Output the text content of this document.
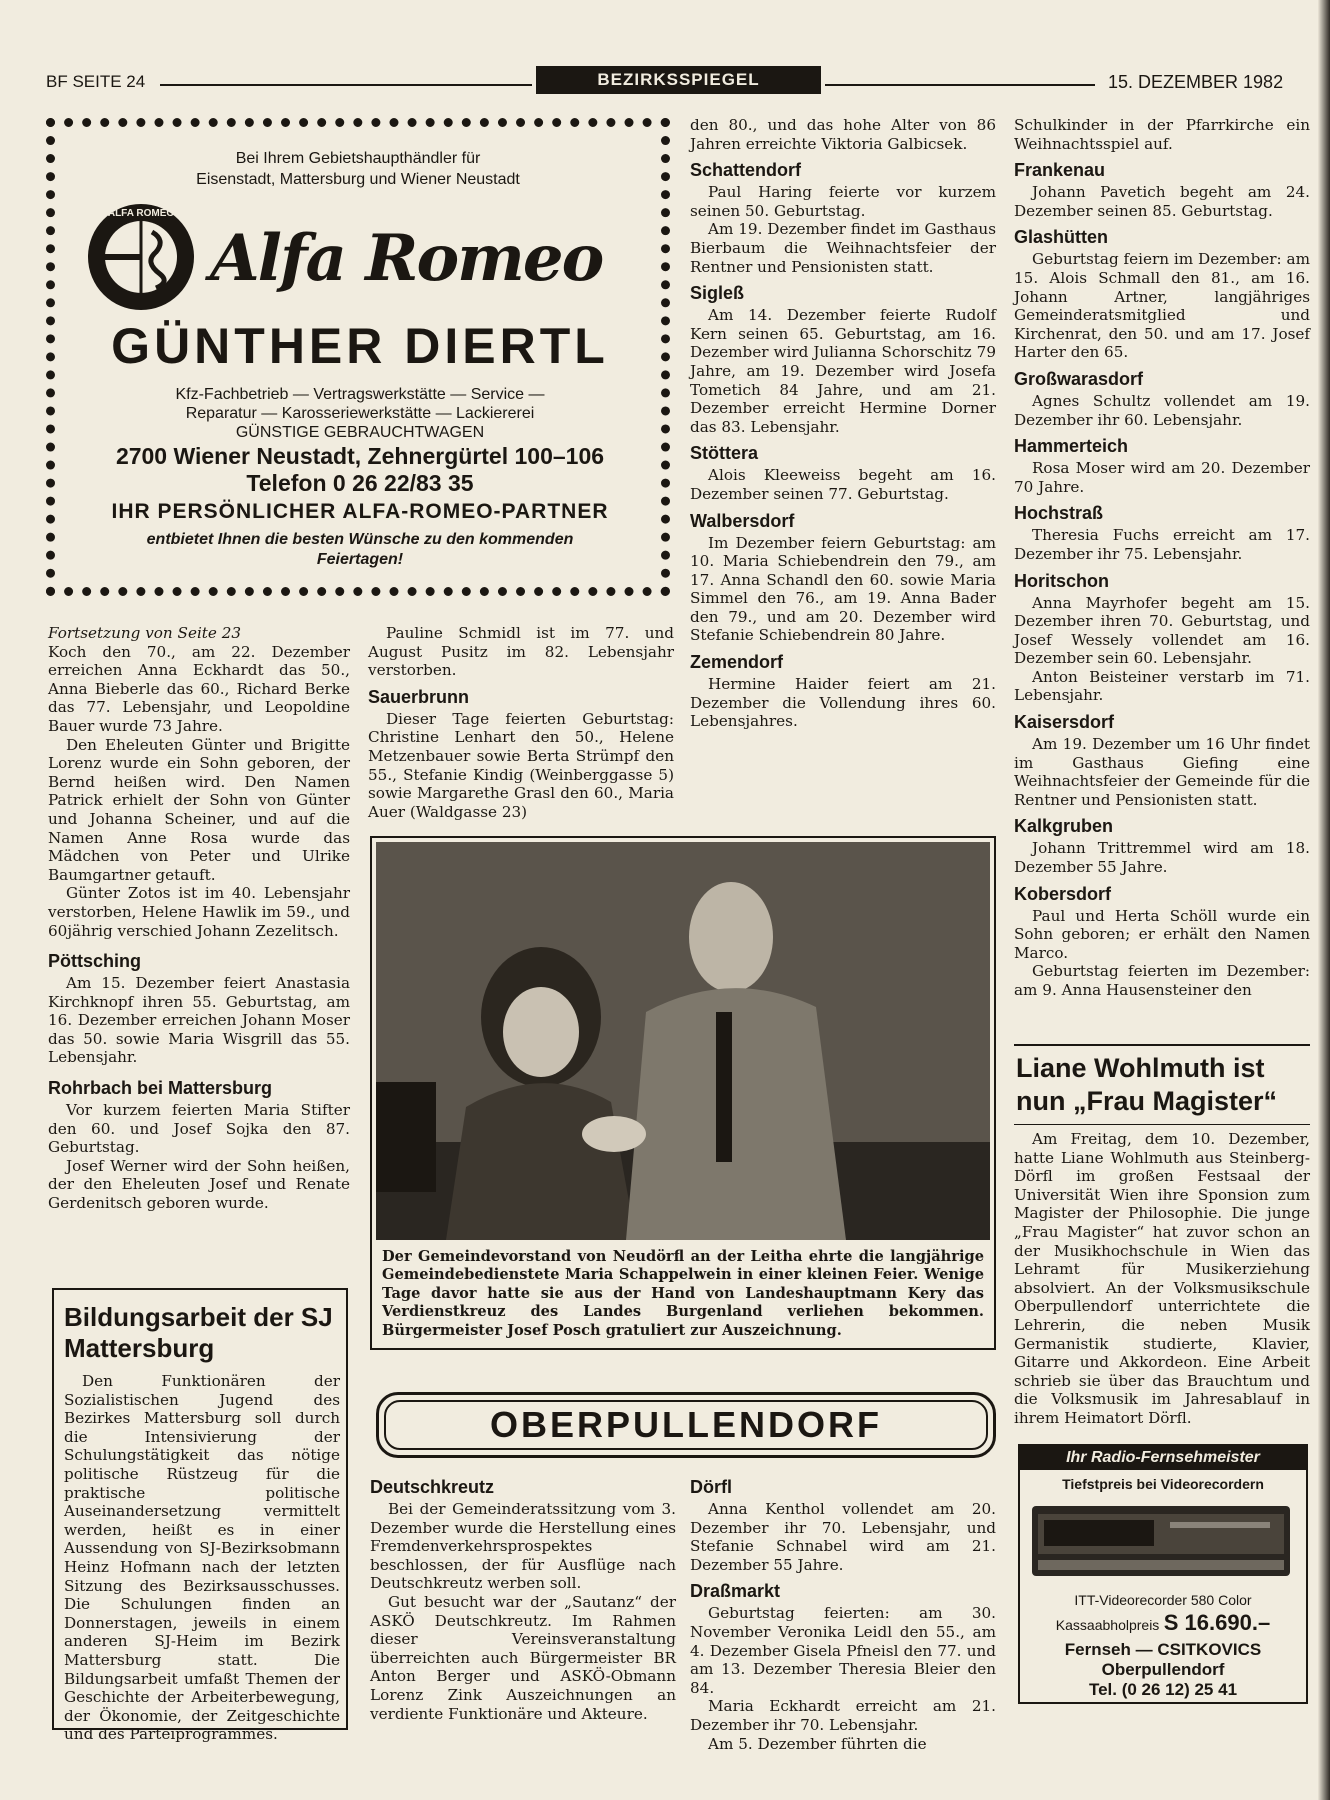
BF SEITE 24	BEZIRKSSPIEGEL	15. DEZEMBER 1982
Bei Ihrem Gebietshaupthändler für
Eisenstadt, Mattersburg und Wiener Neustadt
ALFA ROMEO
Alfa Romeo
GÜNTHER DIERTL
Kfz-Fachbetrieb — Vertragswerkstätte — Service —
Reparatur — Karosseriewerkstätte — Lackiererei
GÜNSTIGE GEBRAUCHTWAGEN
2700 Wiener Neustadt, Zehnergürtel 100–106
Telefon 0 26 22/83 35
IHR PERSÖNLICHER ALFA-ROMEO-PARTNER
entbietet Ihnen die besten Wünsche zu den kommenden
Feiertagen!

Fortsetzung von Seite 23

Koch den 70., am 22. Dezember erreichen Anna Eckhardt das 50., Anna Bieberle das 60., Richard Berke das 77. Lebensjahr, und Leopoldine Bauer wurde 73 Jahre.

Den Eheleuten Günter und Brigitte Lorenz wurde ein Sohn geboren, der Bernd heißen wird. Den Namen Patrick erhielt der Sohn von Günter und Johanna Scheiner, und auf die Namen Anne Rosa wurde das Mädchen von Peter und Ulrike Baumgartner getauft.

Günter Zotos ist im 40. Lebensjahr verstorben, Helene Hawlik im 59., und 60jährig verschied Johann Zezelitsch.

Pöttsching

Am 15. Dezember feiert Anastasia Kirchknopf ihren 55. Geburtstag, am 16. Dezember erreichen Johann Moser das 50. sowie Maria Wisgrill das 55. Lebensjahr.

Rohrbach bei Mattersburg

Vor kurzem feierten Maria Stifter den 60. und Josef Sojka den 87. Geburtstag.

Josef Werner wird der Sohn heißen, der den Eheleuten Josef und Renate Gerdenitsch geboren wurde.

Bildungsarbeit der SJ Mattersburg

Den Funktionären der Sozialistischen Jugend des Bezirkes Mattersburg soll durch die Intensivierung der Schulungstätigkeit das nötige politische Rüstzeug für die praktische politische Auseinandersetzung vermittelt werden, heißt es in einer Aussendung von SJ-Bezirksobmann Heinz Hofmann nach der letzten Sitzung des Bezirksausschusses. Die Schulungen finden an Donnerstagen, jeweils in einem anderen SJ-Heim im Bezirk Mattersburg statt. Die Bildungsarbeit umfaßt Themen der Geschichte der Arbeiterbewegung, der Ökonomie, der Zeitgeschichte und des Parteiprogrammes.

Pauline Schmidl ist im 77. und August Pusitz im 82. Lebensjahr verstorben.

Sauerbrunn

Dieser Tage feierten Geburtstag: Christine Lenhart den 50., Helene Metzenbauer sowie Berta Strümpf den 55., Stefanie Kindig (Weinberggasse 5) sowie Margarethe Grasl den 60., Maria Auer (Waldgasse 23)

den 80., und das hohe Alter von 86 Jahren erreichte Viktoria Galbicsek.

Schattendorf

Paul Haring feierte vor kurzem seinen 50. Geburtstag.

Am 19. Dezember findet im Gasthaus Bierbaum die Weihnachtsfeier der Rentner und Pensionisten statt.

Sigleß

Am 14. Dezember feierte Rudolf Kern seinen 65. Geburtstag, am 16. Dezember wird Julianna Schorschitz 79 Jahre, am 19. Dezember wird Josefa Tometich 84 Jahre, und am 21. Dezember erreicht Hermine Dorner das 83. Lebensjahr.

Stöttera

Alois Kleeweiss begeht am 16. Dezember seinen 77. Geburtstag.

Walbersdorf

Im Dezember feiern Geburtstag: am 10. Maria Schiebendrein den 79., am 17. Anna Schandl den 60. sowie Maria Simmel den 76., am 19. Anna Bader den 79., und am 20. Dezember wird Stefanie Schiebendrein 80 Jahre.

Zemendorf

Hermine Haider feiert am 21. Dezember die Vollendung ihres 60. Lebensjahres.

Der Gemeindevorstand von Neudörfl an der Leitha ehrte die langjährige Gemeindebedienstete Maria Schappelwein in einer kleinen Feier. Wenige Tage davor hatte sie aus der Hand von Landeshauptmann Kery das Verdienstkreuz des Landes Burgenland verliehen bekommen. Bürgermeister Josef Posch gratuliert zur Auszeichnung.
OBERPULLENDORF
Deutschkreutz

Bei der Gemeinderatssitzung vom 3. Dezember wurde die Herstellung eines Fremdenverkehrsprospektes beschlossen, der für Ausflüge nach Deutschkreutz werben soll.

Gut besucht war der „Sautanz“ der ASKÖ Deutschkreutz. Im Rahmen dieser Vereinsveranstaltung überreichten auch Bürgermeister BR Anton Berger und ASKÖ-Obmann Lorenz Zink Auszeichnungen an verdiente Funktionäre und Akteure.

Dörfl

Anna Kenthol vollendet am 20. Dezember ihr 70. Lebensjahr, und Stefanie Schnabel wird am 21. Dezember 55 Jahre.

Draßmarkt

Geburtstag feierten: am 30. November Veronika Leidl den 55., am 4. Dezember Gisela Pfneisl den 77. und am 13. Dezember Theresia Bleier den 84.

Maria Eckhardt erreicht am 21. Dezember ihr 70. Lebensjahr.

Am 5. Dezember führten die

Schulkinder in der Pfarrkirche ein Weihnachtsspiel auf.

Frankenau

Johann Pavetich begeht am 24. Dezember seinen 85. Geburtstag.

Glashütten

Geburtstag feiern im Dezember: am 15. Alois Schmall den 81., am 16. Johann Artner, langjähriges Gemeinderatsmitglied und Kirchenrat, den 50. und am 17. Josef Harter den 65.

Großwarasdorf

Agnes Schultz vollendet am 19. Dezember ihr 60. Lebensjahr.

Hammerteich

Rosa Moser wird am 20. Dezember 70 Jahre.

Hochstraß

Theresia Fuchs erreicht am 17. Dezember ihr 75. Lebensjahr.

Horitschon

Anna Mayrhofer begeht am 15. Dezember ihren 70. Geburtstag, und Josef Wessely vollendet am 16. Dezember sein 60. Lebensjahr.

Anton Beisteiner verstarb im 71. Lebensjahr.

Kaisersdorf

Am 19. Dezember um 16 Uhr findet im Gasthaus Giefing eine Weihnachtsfeier der Gemeinde für die Rentner und Pensionisten statt.

Kalkgruben

Johann Trittremmel wird am 18. Dezember 55 Jahre.

Kobersdorf

Paul und Herta Schöll wurde ein Sohn geboren; er erhält den Namen Marco.

Geburtstag feierten im Dezember: am 9. Anna Hausensteiner den

Liane Wohlmuth ist nun „Frau Magister“

Am Freitag, dem 10. Dezember, hatte Liane Wohlmuth aus Steinberg-Dörfl im großen Festsaal der Universität Wien ihre Sponsion zum Magister der Philosophie. Die junge „Frau Magister“ hat zuvor schon an der Musikhochschule in Wien das Lehramt für Musikerziehung absolviert. An der Volksmusikschule Oberpullendorf unterrichtete die Lehrerin, die neben Musik Germanistik studierte, Klavier, Gitarre und Akkordeon. Eine Arbeit schrieb sie über das Brauchtum und die Volksmusik im Jahresablauf in ihrem Heimatort Dörfl.

Ihr Radio-Fernsehmeister
Tiefstpreis bei Videorecordern
ITT-Videorecorder 580 Color
Kassaabholpreis S 16.690.–
Fernseh — CSITKOVICS
Oberpullendorf
Tel. (0 26 12) 25 41
